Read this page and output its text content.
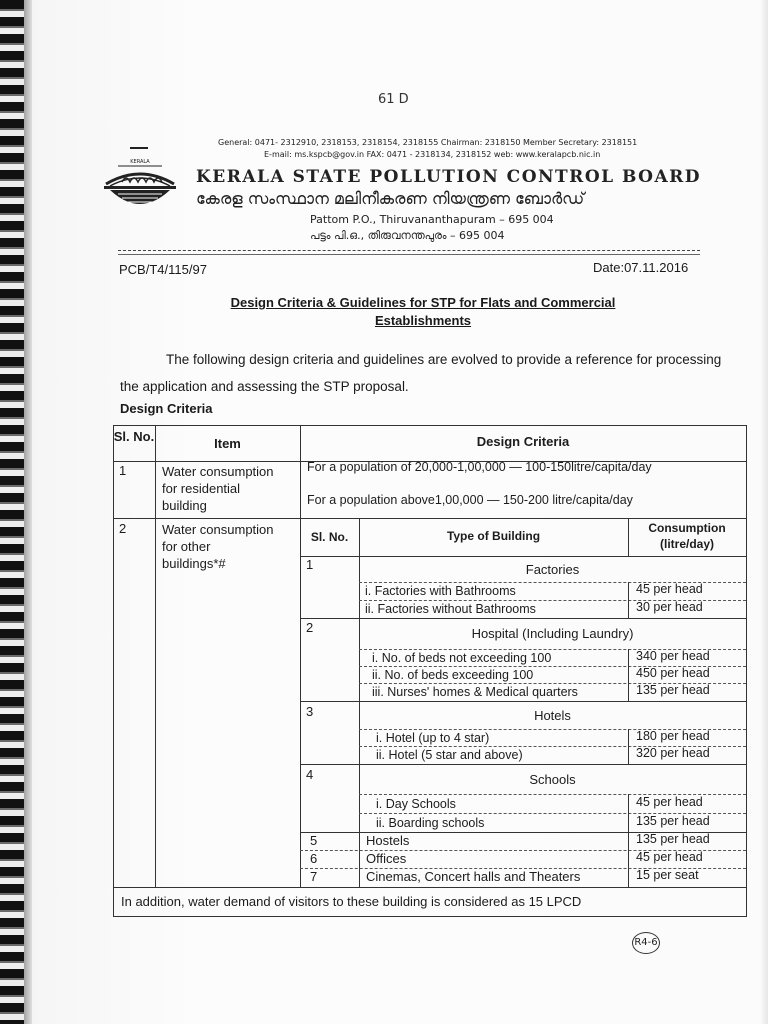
61 D
General: 0471- 2312910, 2318153, 2318154, 2318155 Chairman: 2318150 Member Secretary: 2318151
E-mail: ms.kspcb@gov.in FAX: 0471 - 2318134, 2318152 web: www.keralapcb.nic.in
KERALA
KERALA STATE POLLUTION CONTROL BOARD
കേരള സംസ്ഥാന മലിനീകരണ നിയന്ത്രണ ബോർഡ്
Pattom P.O., Thiruvananthapuram – 695 004
പട്ടം പി.ഒ., തിരുവനന്തപുരം – 695 004
PCB/T4/115/97	Date:07.11.2016
Design Criteria & Guidelines for STP for Flats and Commercial
Establishments
The following design criteria and guidelines are evolved to provide a reference for processing the application and assessing the STP proposal.
Design Criteria
Sl. No.	Item	Design Criteria
1	Water consumption
for residential
building
For a population of 20,000-1,00,000 — 100-150litre/capita/day
For a population above1,00,000 — 150-200 litre/capita/day
2	Water consumption
for other
buildings*#
Sl. No.	Type of Building
Consumption
(litre/day)
1	Factories
i. Factories with Bathrooms	45 per head
ii. Factories without Bathrooms	30 per head
2	Hospital (Including Laundry)
i. No. of beds not exceeding 100	340 per head
ii. No. of beds exceeding 100	450 per head
iii. Nurses' homes & Medical quarters	135 per head
3	Hotels
i. Hotel (up to 4 star)	180 per head
ii. Hotel (5 star and above)	320 per head
4	Schools
i. Day Schools	45 per head
ii. Boarding schools	135 per head
5	Hostels	135 per head
6	Offices	45 per head
7	Cinemas, Concert halls and Theaters	15 per seat
In addition, water demand of visitors to these building is considered as 15 LPCD
R4-6
